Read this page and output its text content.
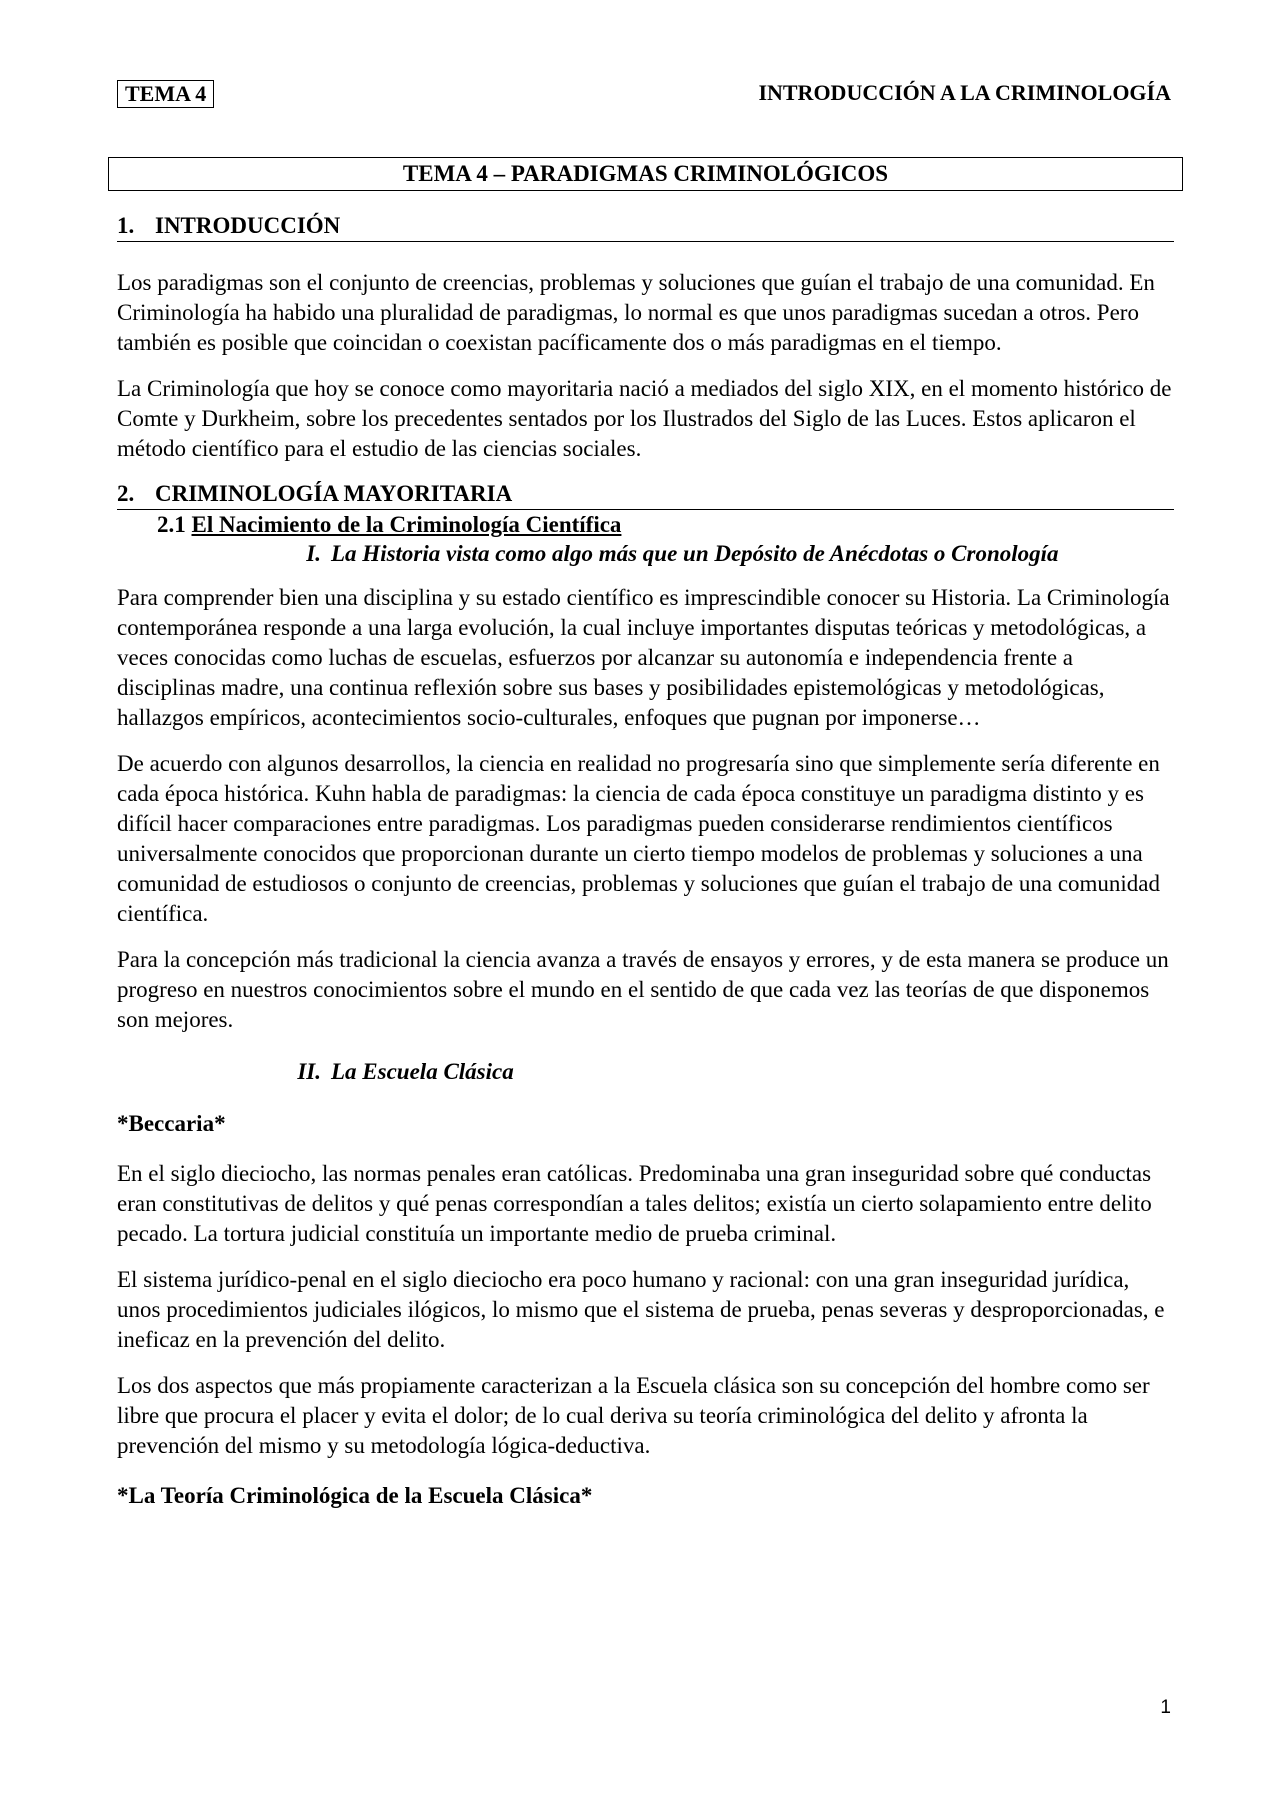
TEMA 4	INTRODUCCIÓN A LA CRIMINOLOGÍA
TEMA 4 – PARADIGMAS CRIMINOLÓGICOS
1. INTRODUCCIÓN

Los paradigmas son el conjunto de creencias, problemas y soluciones que guían el trabajo de una comunidad. En Criminología ha habido una pluralidad de paradigmas, lo normal es que unos paradigmas sucedan a otros. Pero también es posible que coincidan o coexistan pacíficamente dos o más paradigmas en el tiempo.

La Criminología que hoy se conoce como mayoritaria nació a mediados del siglo XIX, en el momento histórico de Comte y Durkheim, sobre los precedentes sentados por los Ilustrados del Siglo de las Luces. Estos aplicaron el método científico para el estudio de las ciencias sociales.

2. CRIMINOLOGÍA MAYORITARIA

2.1 El Nacimiento de la Criminología Científica

I. La Historia vista como algo más que un Depósito de Anécdotas o Cronología

Para comprender bien una disciplina y su estado científico es imprescindible conocer su Historia. La Criminología contemporánea responde a una larga evolución, la cual incluye importantes disputas teóricas y metodológicas, a veces conocidas como luchas de escuelas, esfuerzos por alcanzar su autonomía e independencia frente a disciplinas madre, una continua reflexión sobre sus bases y posibilidades epistemológicas y metodológicas, hallazgos empíricos, acontecimientos socio-culturales, enfoques que pugnan por imponerse…

De acuerdo con algunos desarrollos, la ciencia en realidad no progresaría sino que simplemente sería diferente en cada época histórica. Kuhn habla de paradigmas: la ciencia de cada época constituye un paradigma distinto y es difícil hacer comparaciones entre paradigmas. Los paradigmas pueden considerarse rendimientos científicos universalmente conocidos que proporcionan durante un cierto tiempo modelos de problemas y soluciones a una comunidad de estudiosos o conjunto de creencias, problemas y soluciones que guían el trabajo de una comunidad científica.

Para la concepción más tradicional la ciencia avanza a través de ensayos y errores, y de esta manera se produce un progreso en nuestros conocimientos sobre el mundo en el sentido de que cada vez las teorías de que disponemos son mejores.

II. La Escuela Clásica

*Beccaria*

En el siglo dieciocho, las normas penales eran católicas. Predominaba una gran inseguridad sobre qué conductas eran constitutivas de delitos y qué penas correspondían a tales delitos; existía un cierto solapamiento entre delito pecado. La tortura judicial constituía un importante medio de prueba criminal.

El sistema jurídico-penal en el siglo dieciocho era poco humano y racional: con una gran inseguridad jurídica, unos procedimientos judiciales ilógicos, lo mismo que el sistema de prueba, penas severas y desproporcionadas, e ineficaz en la prevención del delito.

Los dos aspectos que más propiamente caracterizan a la Escuela clásica son su concepción del hombre como ser libre que procura el placer y evita el dolor; de lo cual deriva su teoría criminológica del delito y afronta la prevención del mismo y su metodología lógica-deductiva.

*La Teoría Criminológica de la Escuela Clásica*

1
